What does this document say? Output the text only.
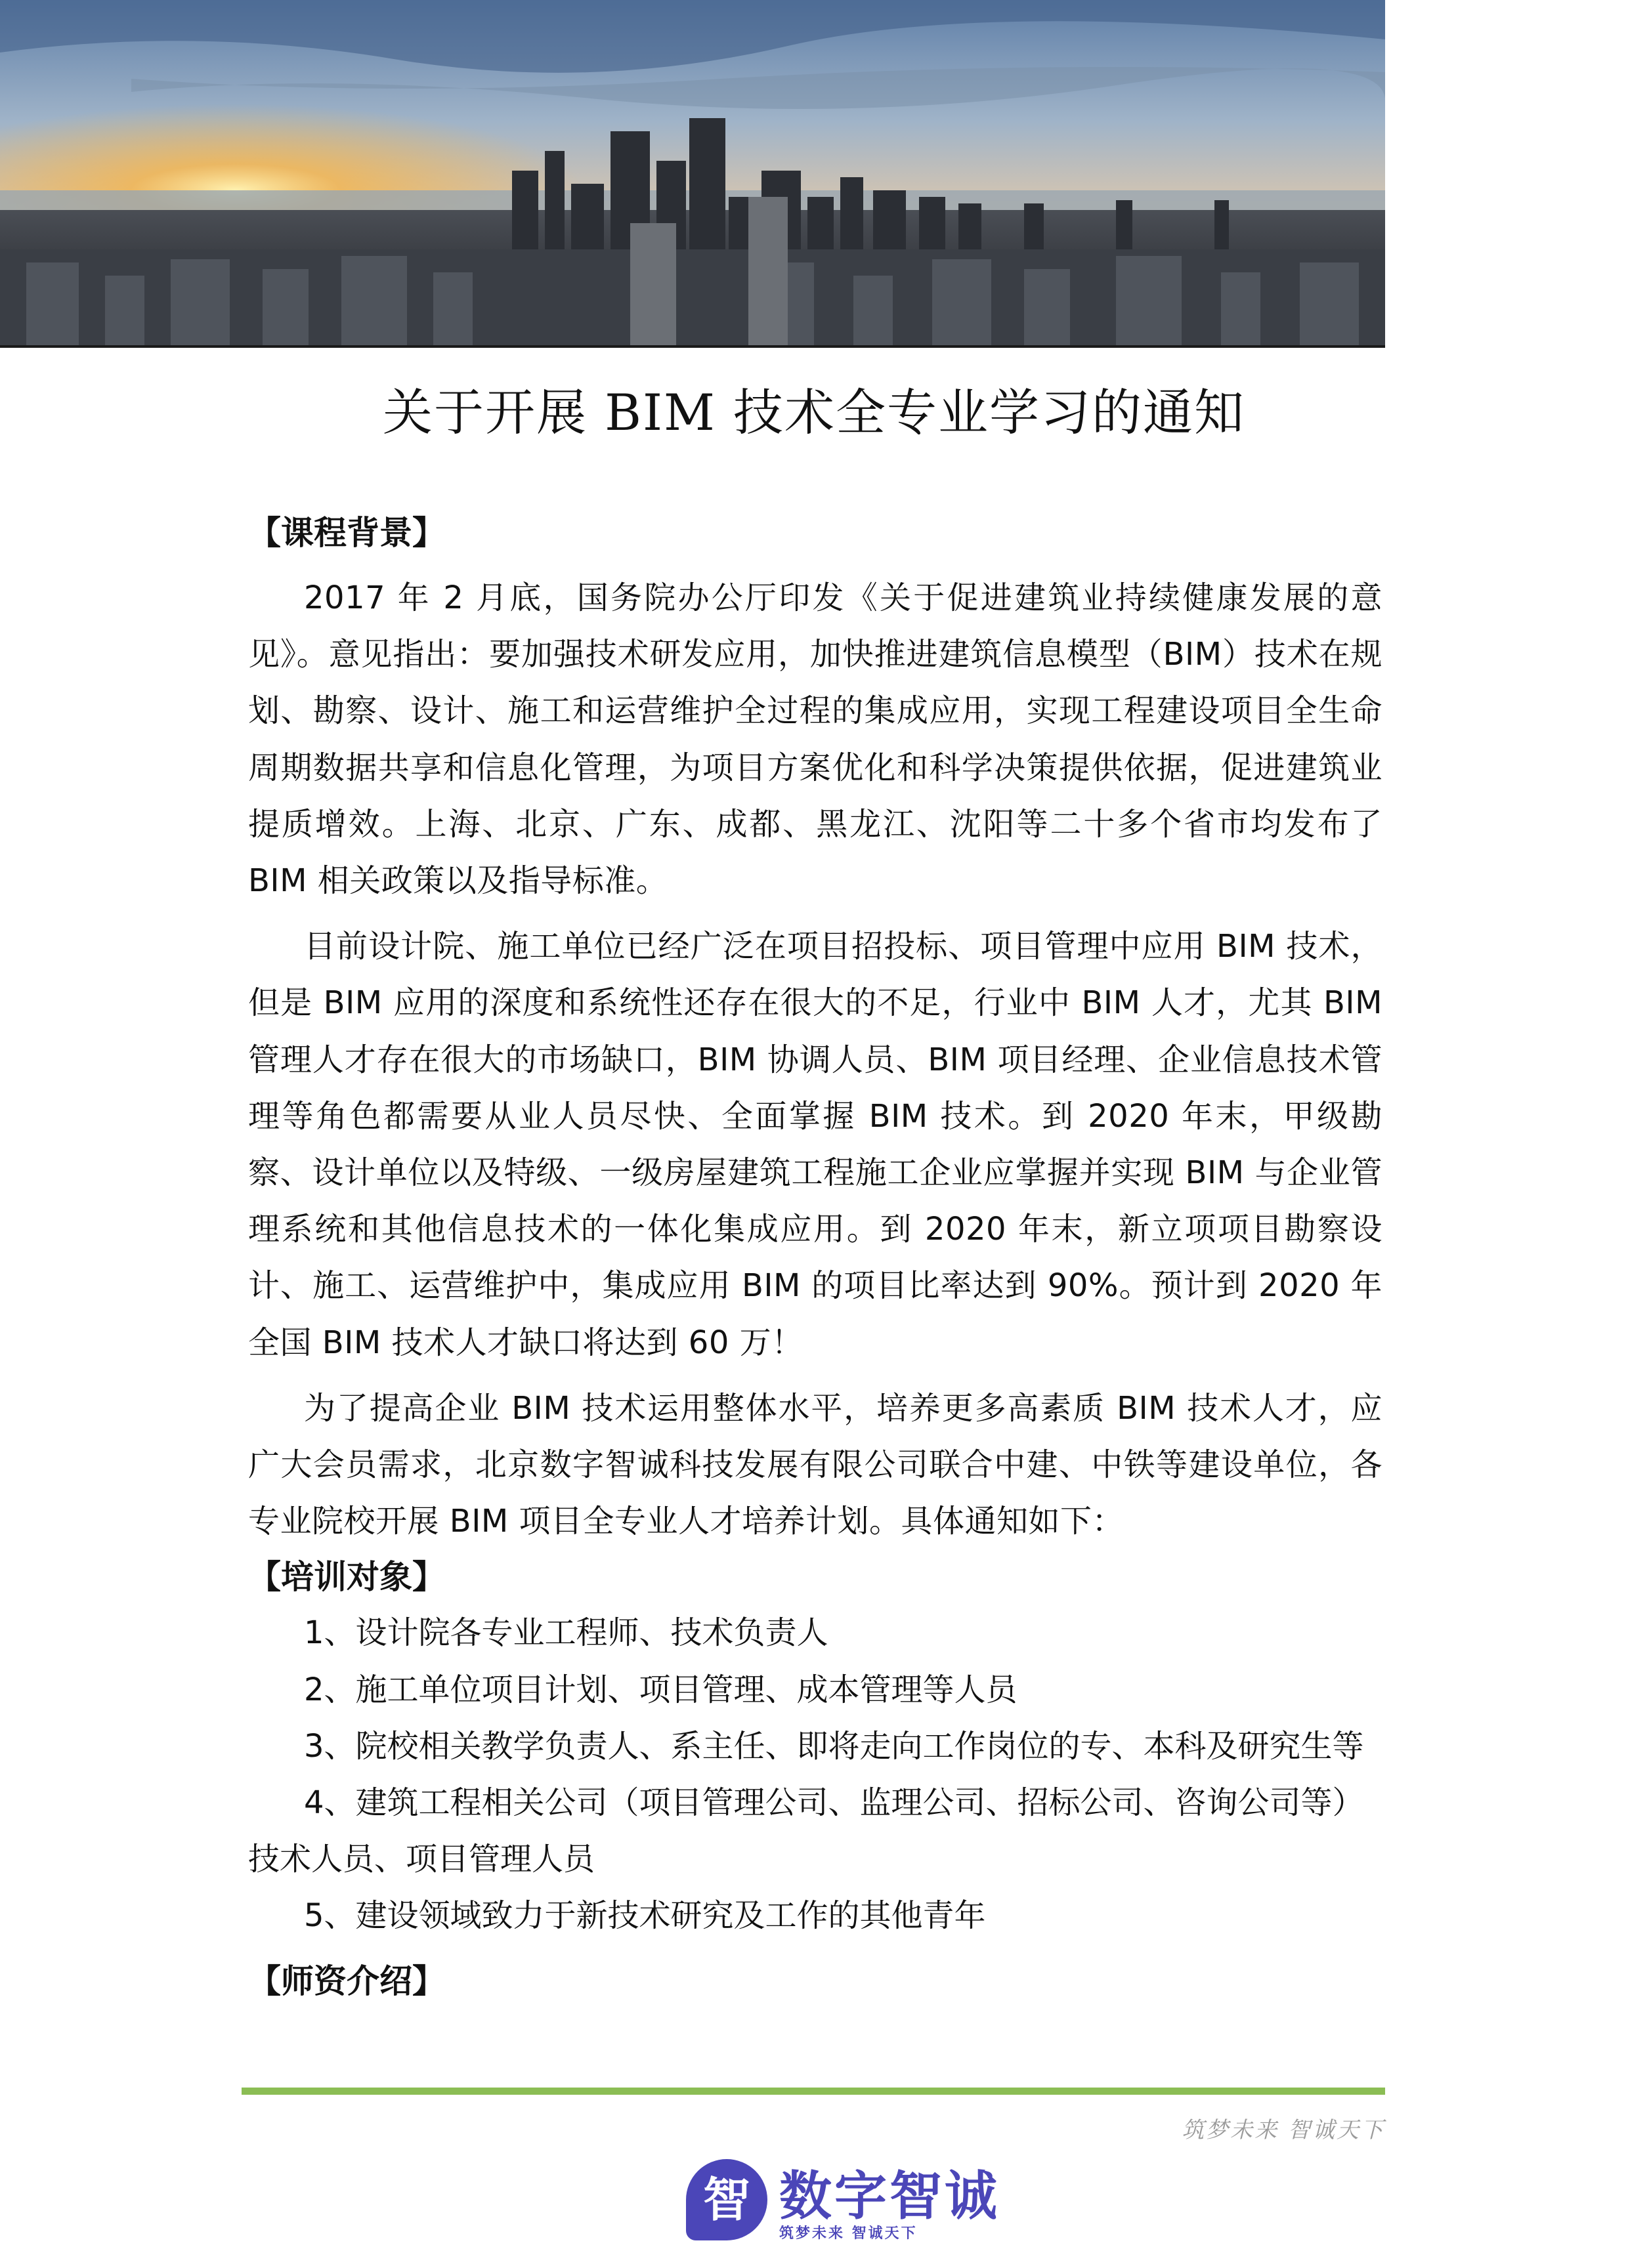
关于开展 BIM 技术全专业学习的通知
【课程背景】

2017 年 2 月底，国务院办公厅印发《关于促进建筑业持续健康发展的意见》。意见指出：要加强技术研发应用，加快推进建筑信息模型（BIM）技术在规划、勘察、设计、施工和运营维护全过程的集成应用，实现工程建设项目全生命周期数据共享和信息化管理，为项目方案优化和科学决策提供依据，促进建筑业提质增效。上海、北京、广东、成都、黑龙江、沈阳等二十多个省市均发布了 BIM 相关政策以及指导标准。

目前设计院、施工单位已经广泛在项目招投标、项目管理中应用 BIM 技术，但是 BIM 应用的深度和系统性还存在很大的不足，行业中 BIM 人才，尤其 BIM 管理人才存在很大的市场缺口，BIM 协调人员、BIM 项目经理、企业信息技术管理等角色都需要从业人员尽快、全面掌握 BIM 技术。到 2020 年末，甲级勘察、设计单位以及特级、一级房屋建筑工程施工企业应掌握并实现 BIM 与企业管理系统和其他信息技术的一体化集成应用。到 2020 年末，新立项项目勘察设计、施工、运营维护中，集成应用 BIM 的项目比率达到 90%。预计到 2020 年全国 BIM 技术人才缺口将达到 60 万！

为了提高企业 BIM 技术运用整体水平，培养更多高素质 BIM 技术人才，应广大会员需求，北京数字智诚科技发展有限公司联合中建、中铁等建设单位，各专业院校开展 BIM 项目全专业人才培养计划。具体通知如下：

【培训对象】

1、设计院各专业工程师、技术负责人

2、施工单位项目计划、项目管理、成本管理等人员

3、院校相关教学负责人、系主任、即将走向工作岗位的专、本科及研究生等

4、建筑工程相关公司（项目管理公司、监理公司、招标公司、咨询公司等）技术人员、项目管理人员

5、建设领域致力于新技术研究及工作的其他青年

【师资介绍】
筑梦未来 智诚天下
智 数字智诚
筑梦未来 智诚天下
